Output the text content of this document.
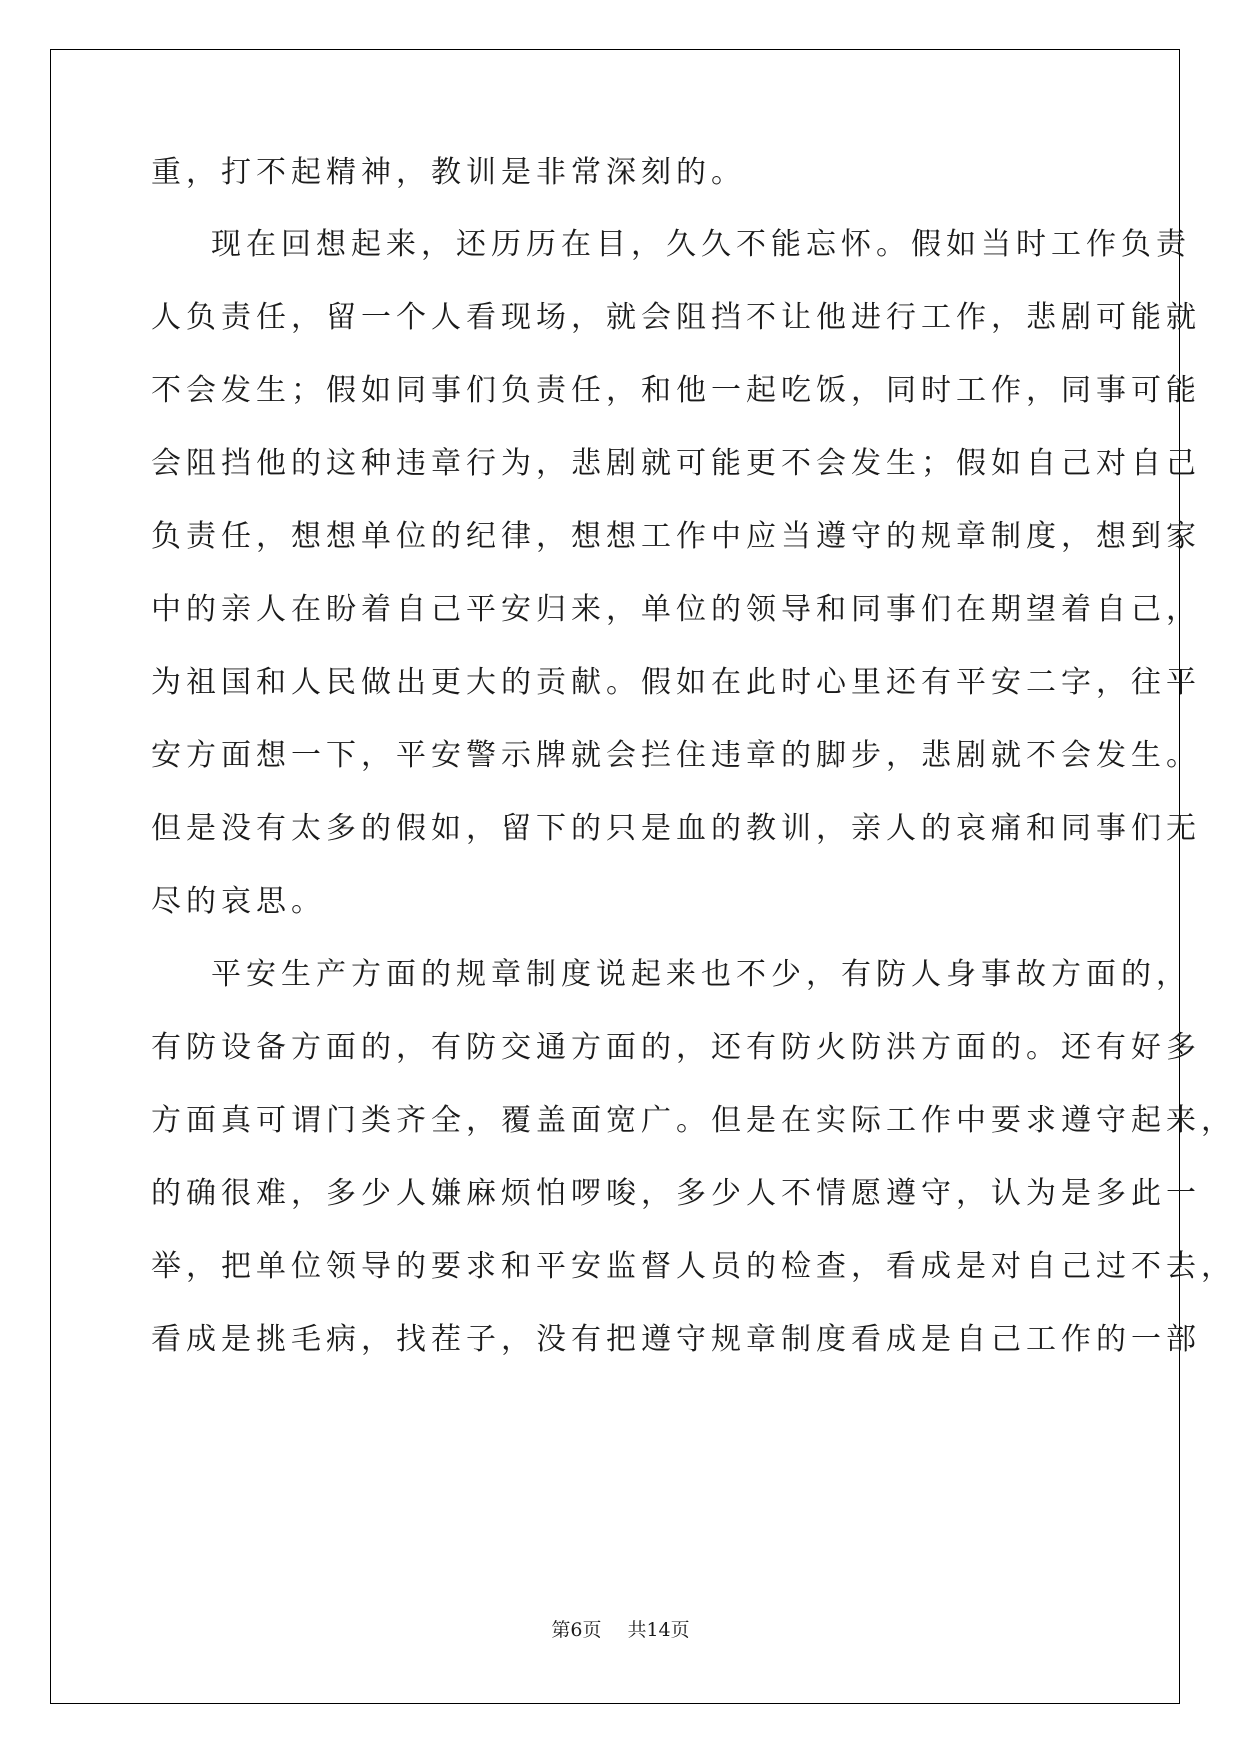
重，打不起精神，教训是非常深刻的。

现在回想起来，还历历在目，久久不能忘怀。假如当时工作负责

人负责任，留一个人看现场，就会阻挡不让他进行工作，悲剧可能就

不会发生；假如同事们负责任，和他一起吃饭，同时工作，同事可能

会阻挡他的这种违章行为，悲剧就可能更不会发生；假如自己对自己

负责任，想想单位的纪律，想想工作中应当遵守的规章制度，想到家

中的亲人在盼着自己平安归来，单位的领导和同事们在期望着自己，

为祖国和人民做出更大的贡献。假如在此时心里还有平安二字，往平

安方面想一下，平安警示牌就会拦住违章的脚步，悲剧就不会发生。

但是没有太多的假如，留下的只是血的教训，亲人的哀痛和同事们无

尽的哀思。

平安生产方面的规章制度说起来也不少，有防人身事故方面的，

有防设备方面的，有防交通方面的，还有防火防洪方面的。还有好多

方面真可谓门类齐全，覆盖面宽广。但是在实际工作中要求遵守起来，

的确很难，多少人嫌麻烦怕啰唆，多少人不情愿遵守，认为是多此一

举，把单位领导的要求和平安监督人员的检查，看成是对自己过不去，

看成是挑毛病，找茬子，没有把遵守规章制度看成是自己工作的一部

第6页 共14页
